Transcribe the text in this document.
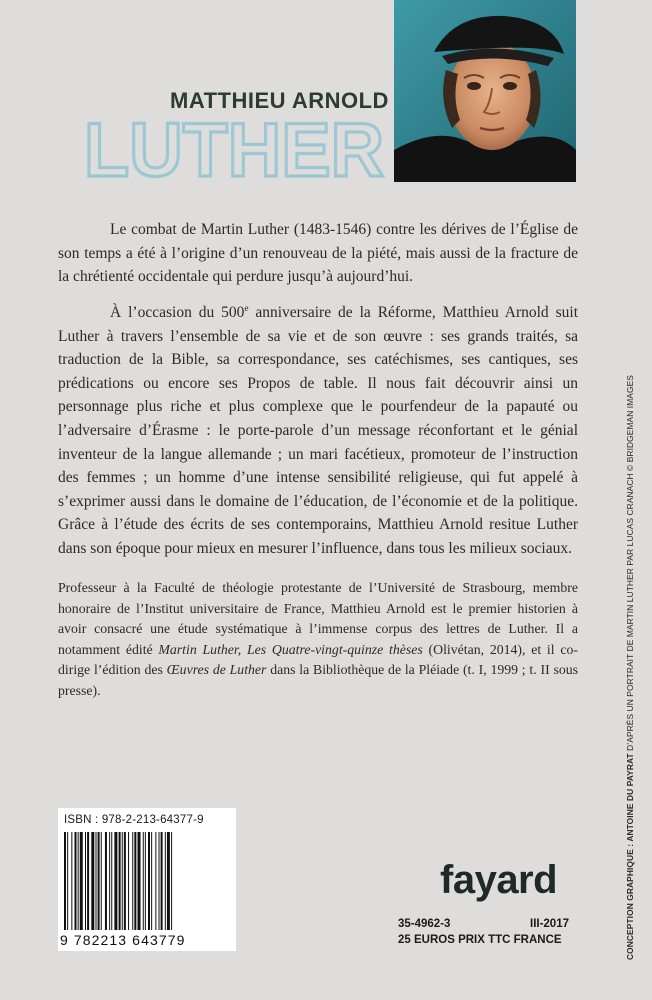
MATTHIEU ARNOLD
LUTHER

Le combat de Martin Luther (1483-1546) contre les dérives de l’Église de son temps a été à l’origine d’un renouveau de la piété, mais aussi de la fracture de la chrétienté occidentale qui perdure jusqu’à aujourd’hui.

À l’occasion du 500e anniversaire de la Réforme, Matthieu Arnold suit Luther à travers l’ensemble de sa vie et de son œuvre : ses grands traités, sa traduction de la Bible, sa correspondance, ses catéchismes, ses cantiques, ses prédications ou encore ses Propos de table. Il nous fait découvrir ainsi un personnage plus riche et plus complexe que le pourfendeur de la papauté ou l’adversaire d’Érasme : le porte-parole d’un message réconfortant et le génial inventeur de la langue allemande ; un mari facétieux, promoteur de l’instruction des femmes ; un homme d’une intense sensibilité religieuse, qui fut appelé à s’exprimer aussi dans le domaine de l’éducation, de l’économie et de la politique. Grâce à l’étude des écrits de ses contemporains, Matthieu Arnold resitue Luther dans son époque pour mieux en mesurer l’influence, dans tous les milieux sociaux.

Professeur à la Faculté de théologie protestante de l’Université de Strasbourg, membre honoraire de l’Institut universitaire de France, Matthieu Arnold est le premier historien à avoir consacré une étude systématique à l’immense corpus des lettres de Luther. Il a notamment édité Martin Luther, Les Quatre-vingt-quinze thèses (Olivétan, 2014), et il co-dirige l’édition des Œuvres de Luther dans la Bibliothèque de la Pléiade (t. I, 1999 ; t. II sous presse).

ISBN : 978-2-213-64377-9
9 782213 643779
fayard
35-4962-3	III-2017
25 EUROS PRIX TTC FRANCE	CONCEPTION GRAPHIQUE : ANTOINE DU PAYRAT D’APRÈS UN PORTRAIT DE MARTIN LUTHER PAR LUCAS CRANACH © BRIDGEMAN IMAGES
